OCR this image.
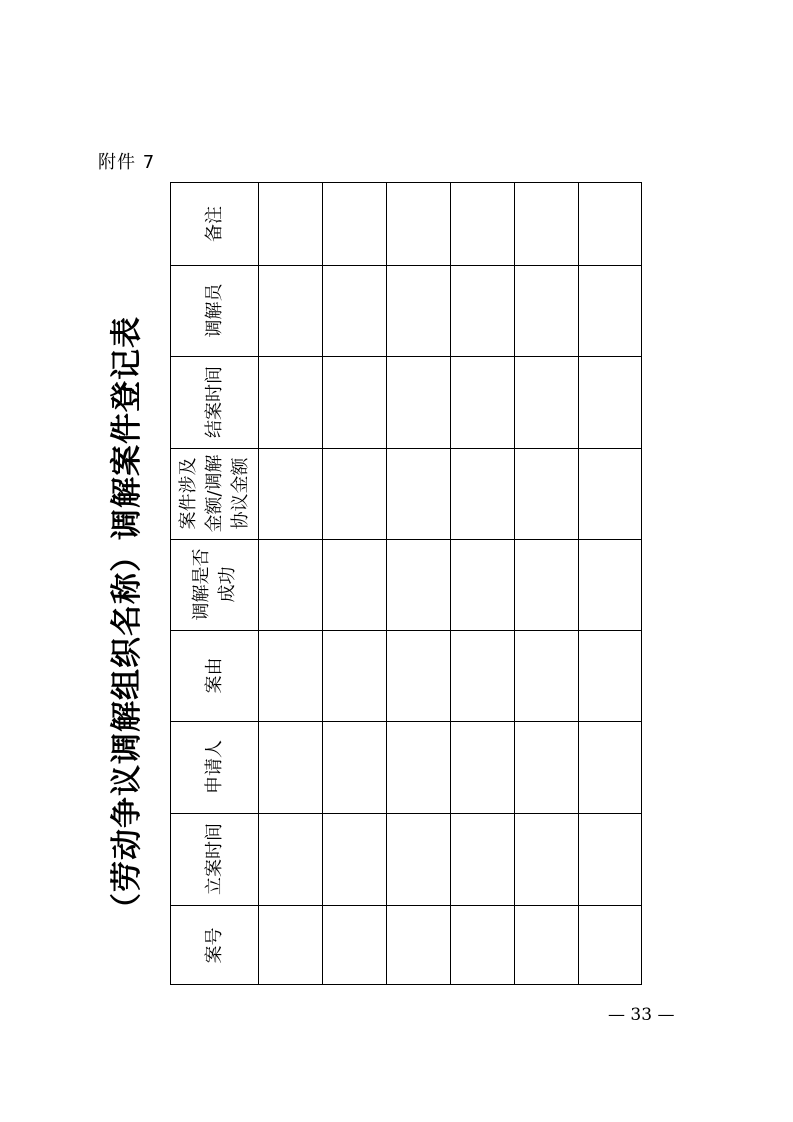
附件 7
（劳动争议调解组织名称）调解案件登记表
备注
调解员
结案时间
案件涉及
金额/调解
协议金额
调解是否
成功
案由
申请人
立案时间
案号
— 33 —
